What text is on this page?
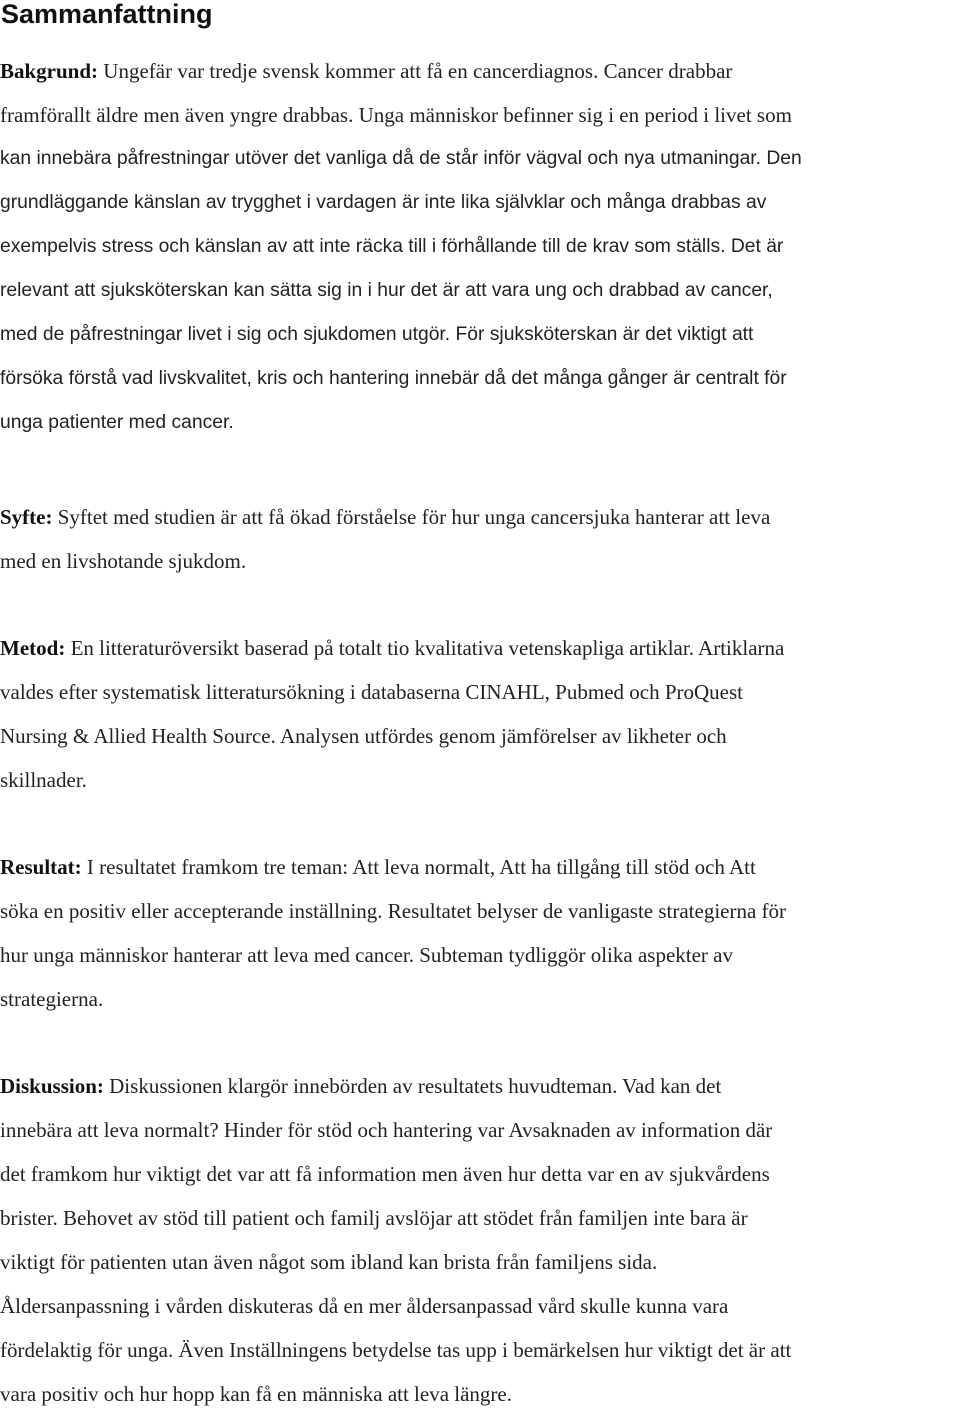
Sammanfattning
Bakgrund: Ungefär var tredje svensk kommer att få en cancerdiagnos. Cancer drabbar
framförallt äldre men även yngre drabbas. Unga människor befinner sig i en period i livet som
kan innebära påfrestningar utöver det vanliga då de står inför vägval och nya utmaningar. Den
grundläggande känslan av trygghet i vardagen är inte lika självklar och många drabbas av
exempelvis stress och känslan av att inte räcka till i förhållande till de krav som ställs. Det är
relevant att sjuksköterskan kan sätta sig in i hur det är att vara ung och drabbad av cancer,
med de påfrestningar livet i sig och sjukdomen utgör. För sjuksköterskan är det viktigt att
försöka förstå vad livskvalitet, kris och hantering innebär då det många gånger är centralt för
unga patienter med cancer.
Syfte: Syftet med studien är att få ökad förståelse för hur unga cancersjuka hanterar att leva
med en livshotande sjukdom.
Metod: En litteraturöversikt baserad på totalt tio kvalitativa vetenskapliga artiklar. Artiklarna
valdes efter systematisk litteratursökning i databaserna CINAHL, Pubmed och ProQuest
Nursing & Allied Health Source. Analysen utfördes genom jämförelser av likheter och
skillnader.
Resultat: I resultatet framkom tre teman: Att leva normalt, Att ha tillgång till stöd och Att
söka en positiv eller accepterande inställning. Resultatet belyser de vanligaste strategierna för
hur unga människor hanterar att leva med cancer. Subteman tydliggör olika aspekter av
strategierna.
Diskussion: Diskussionen klargör innebörden av resultatets huvudteman. Vad kan det
innebära att leva normalt? Hinder för stöd och hantering var Avsaknaden av information där
det framkom hur viktigt det var att få information men även hur detta var en av sjukvårdens
brister. Behovet av stöd till patient och familj avslöjar att stödet från familjen inte bara är
viktigt för patienten utan även något som ibland kan brista från familjens sida.
Åldersanpassning i vården diskuteras då en mer åldersanpassad vård skulle kunna vara
fördelaktig för unga. Även Inställningens betydelse tas upp i bemärkelsen hur viktigt det är att
vara positiv och hur hopp kan få en människa att leva längre.
